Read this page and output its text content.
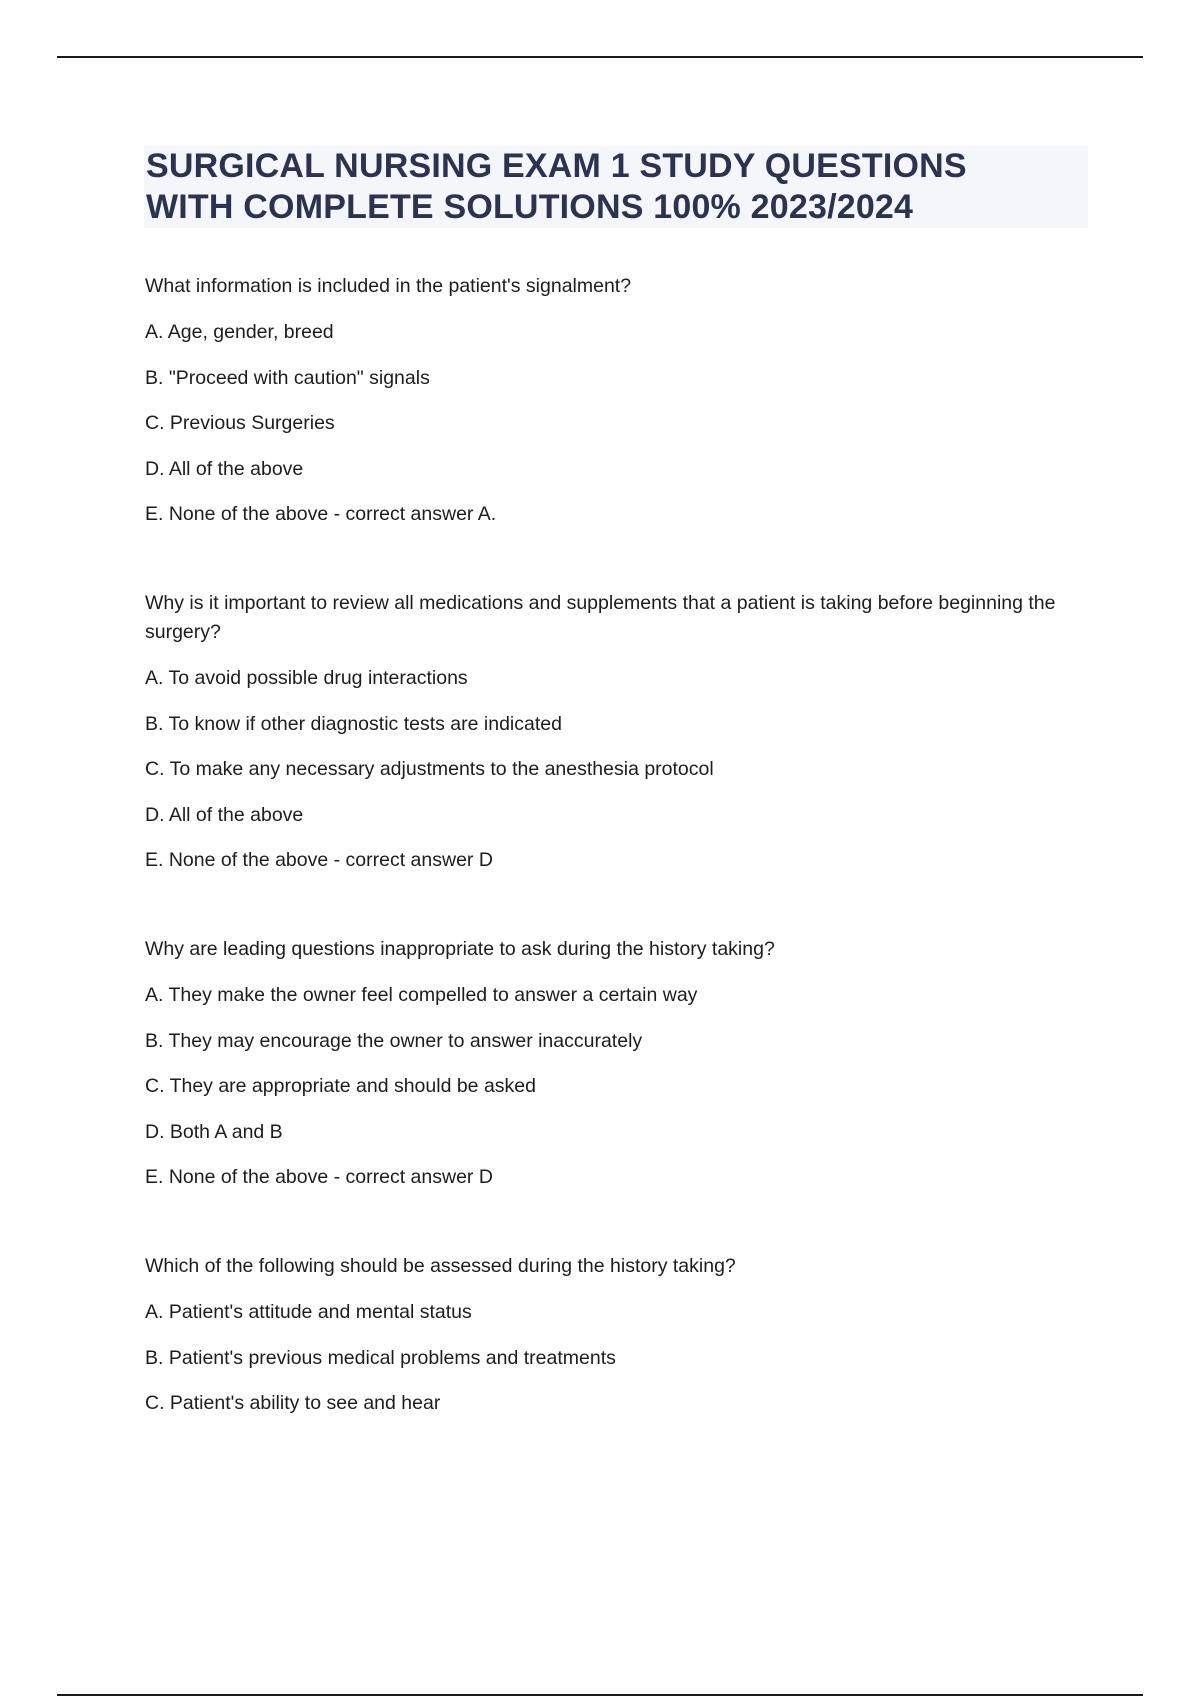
SURGICAL NURSING EXAM 1 STUDY QUESTIONS
WITH COMPLETE SOLUTIONS 100% 2023/2024

What information is included in the patient's signalment?

A. Age, gender, breed
B. "Proceed with caution" signals
C. Previous Surgeries
D. All of the above
E. None of the above - correct answer A.

Why is it important to review all medications and supplements that a patient is taking before beginning the surgery?

A. To avoid possible drug interactions
B. To know if other diagnostic tests are indicated
C. To make any necessary adjustments to the anesthesia protocol
D. All of the above
E. None of the above - correct answer D

Why are leading questions inappropriate to ask during the history taking?

A. They make the owner feel compelled to answer a certain way
B. They may encourage the owner to answer inaccurately
C. They are appropriate and should be asked
D. Both A and B
E. None of the above - correct answer D

Which of the following should be assessed during the history taking?

A. Patient's attitude and mental status
B. Patient's previous medical problems and treatments
C. Patient's ability to see and hear
